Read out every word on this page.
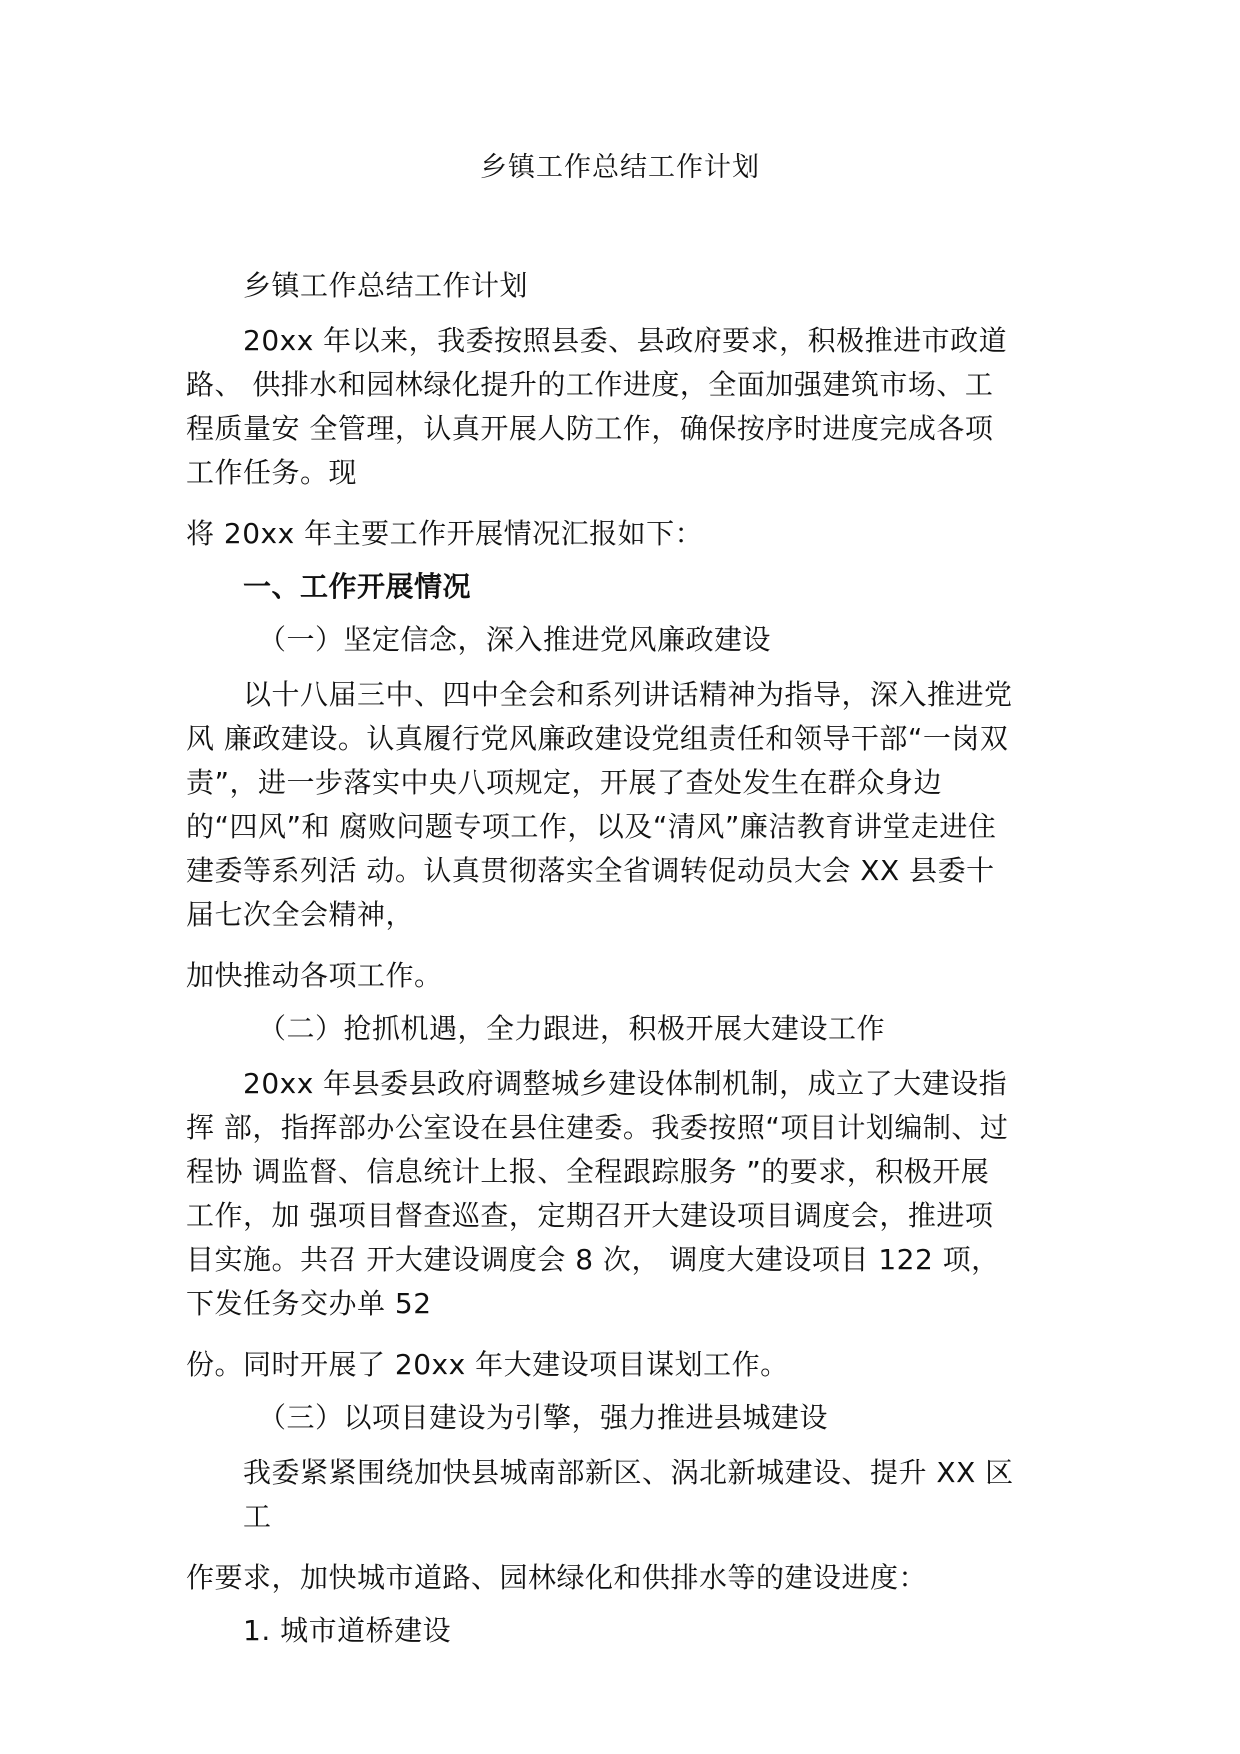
乡镇工作总结工作计划
乡镇工作总结工作计划
20xx 年以来，我委按照县委、县政府要求，积极推进市政道
路、 供排水和园林绿化提升的工作进度，全面加强建筑市场、工
程质量安 全管理，认真开展人防工作，确保按序时进度完成各项
工作任务。现
将 20xx 年主要工作开展情况汇报如下：
一、工作开展情况
（一）坚定信念，深入推进党风廉政建设
以十八届三中、四中全会和系列讲话精神为指导，深入推进党
风 廉政建设。认真履行党风廉政建设党组责任和领导干部“一岗双
责”，进一步落实中央八项规定，开展了查处发生在群众身边
的“四风”和 腐败问题专项工作，以及“清风”廉洁教育讲堂走进住
建委等系列活 动。认真贯彻落实全省调转促动员大会 XX 县委十
届七次全会精神，
加快推动各项工作。
（二）抢抓机遇，全力跟进，积极开展大建设工作
20xx 年县委县政府调整城乡建设体制机制，成立了大建设指
挥 部，指挥部办公室设在县住建委。我委按照“项目计划编制、过
程协 调监督、信息统计上报、全程跟踪服务 ”的要求，积极开展
工作，加 强项目督查巡查，定期召开大建设项目调度会，推进项
目实施。共召 开大建设调度会 8 次， 调度大建设项目 122 项，
下发任务交办单 52
份。同时开展了 20xx 年大建设项目谋划工作。
（三）以项目建设为引擎，强力推进县城建设
我委紧紧围绕加快县城南部新区、涡北新城建设、提升 XX 区
工
作要求，加快城市道路、园林绿化和供排水等的建设进度：
1. 城市道桥建设
